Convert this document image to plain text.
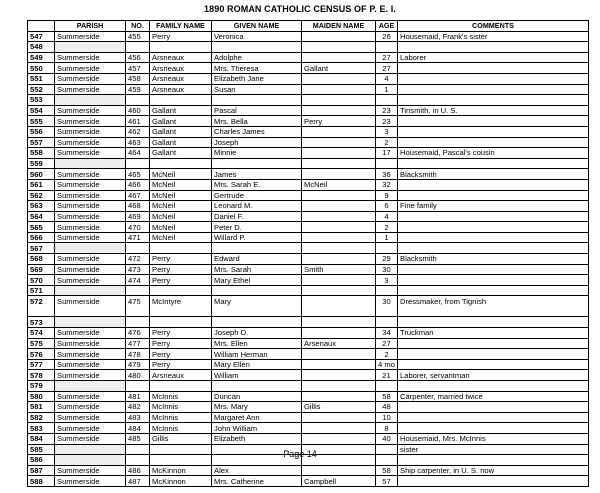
1890 ROMAN CATHOLIC CENSUS OF P. E. I.
	PARISH	NO.	FAMILY NAME	GIVEN NAME	MAIDEN NAME	AGE	COMMENTS
547	Summerside	455	Perry	Veronica		26	Housemaid, Frank's sister
548							
549	Summerside	456	Arsneaux	Adolphe		27	Laborer
550	Summerside	457	Arsneaux	Mrs. Theresa	Gallant	27	
551	Summerside	458	Arsneaux	Elizabeth Jane		4	
552	Summerside	459	Arsneaux	Susan		1	
553							
554	Summerside	460	Gallant	Pascal		23	Tinsmith, in U. S.
555	Summerside	461	Gallant	Mrs. Bella	Perry	23	
556	Summerside	462	Gallant	Charles James		3	
557	Summerside	463	Gallant	Joseph		2	
558	Summerside	464	Gallant	Minnie		17	Housemaid, Pascal's cousin
559							
560	Summerside	465	McNeil	James		36	Blacksmith
561	Summerside	466	McNeil	Mrs. Sarah E.	McNeil	32	
562	Summerside	467	McNeil	Gertrude		9	
563	Summerside	468	McNeil	Leonard M.		6	Fine family
564	Summerside	469	McNeil	Daniel F.		4	
565	Summerside	470	McNeil	Peter D.		2	
566	Summerside	471	McNeil	Willard P.		1	
567							
568	Summerside	472	Perry	Edward		29	Blacksmith
569	Summerside	473	Perry	Mrs. Sarah	Smith	30	
570	Summerside	474	Perry	Mary Ethel		3	
571							
572	Summerside	475	McIntyre	Mary		30	Dressmaker, from Tignish
573							
574	Summerside	476	Perry	Joseph D.		34	Truckman
575	Summerside	477	Perry	Mrs. Ellen	Arsenaux	27	
576	Summerside	478	Perry	William Herman		2	
577	Summerside	479	Perry	Mary Ellen		4 mo	
578	Summerside	480	Arsneaux	William		21	Laborer, servantman
579							
580	Summerside	481	McInnis	Duncan		58	Carpenter, married twice
581	Summerside	482	McInnis	Mrs. Mary	Gillis	48	
582	Summerside	483	McInnis	Margaret Ann		10	
583	Summerside	484	McInnis	John William		8	
584	Summerside	485	Gillis	Elizabeth		40	Housemaid, Mrs. McInnis
585							sister
586							
587	Summerside	486	McKinnon	Alex		58	Ship carpenter, in U. S. now
588	Summerside	487	McKinnon	Mrs. Catherine	Campbell	57	
Page 14
